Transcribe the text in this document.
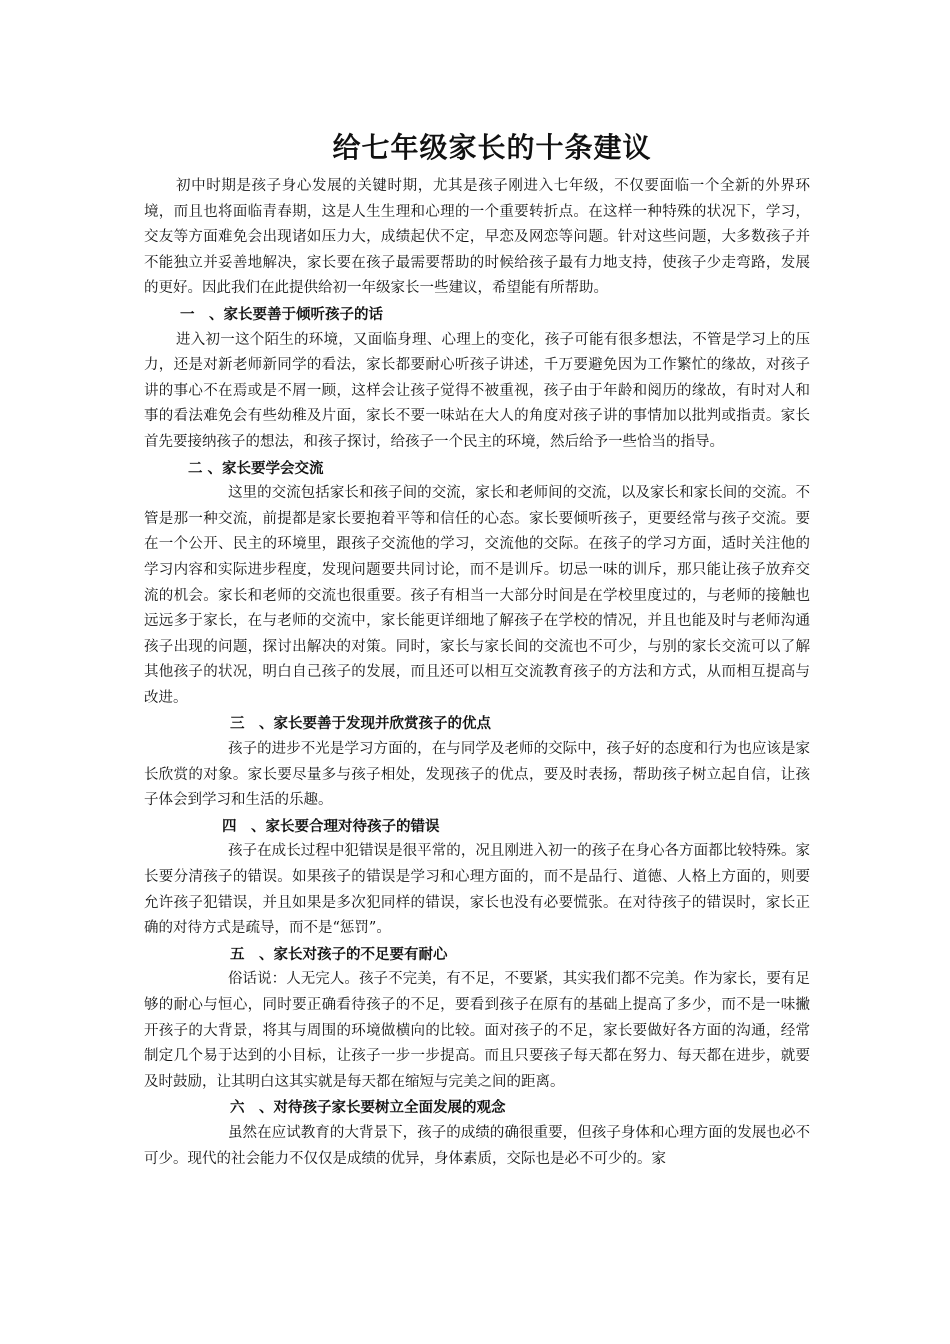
给七年级家长的十条建议

初中时期是孩子身心发展的关键时期，尤其是孩子刚进入七年级，不仅要面临一个全新的外界环境，而且也将面临青春期，这是人生生理和心理的一个重要转折点。在这样一种特殊的状况下，学习，交友等方面难免会出现诸如压力大，成绩起伏不定，早恋及网恋等问题。针对这些问题，大多数孩子并不能独立并妥善地解决，家长要在孩子最需要帮助的时候给孩子最有力地支持，使孩子少走弯路，发展的更好。因此我们在此提供给初一年级家长一些建议，希望能有所帮助。

一　、家长要善于倾听孩子的话

进入初一这个陌生的环境，又面临身理、心理上的变化，孩子可能有很多想法，不管是学习上的压力，还是对新老师新同学的看法，家长都要耐心听孩子讲述，千万要避免因为工作繁忙的缘故，对孩子讲的事心不在焉或是不屑一顾，这样会让孩子觉得不被重视，孩子由于年龄和阅历的缘故，有时对人和事的看法难免会有些幼稚及片面，家长不要一味站在大人的角度对孩子讲的事情加以批判或指责。家长首先要接纳孩子的想法，和孩子探讨，给孩子一个民主的环境，然后给予一些恰当的指导。

二 、家长要学会交流

这里的交流包括家长和孩子间的交流，家长和老师间的交流，以及家长和家长间的交流。不管是那一种交流，前提都是家长要抱着平等和信任的心态。家长要倾听孩子，更要经常与孩子交流。要在一个公开、民主的环境里，跟孩子交流他的学习，交流他的交际。在孩子的学习方面，适时关注他的学习内容和实际进步程度，发现问题要共同讨论，而不是训斥。切忌一味的训斥，那只能让孩子放弃交流的机会。家长和老师的交流也很重要。孩子有相当一大部分时间是在学校里度过的，与老师的接触也远远多于家长，在与老师的交流中，家长能更详细地了解孩子在学校的情况，并且也能及时与老师沟通孩子出现的问题，探讨出解决的对策。同时，家长与家长间的交流也不可少，与别的家长交流可以了解其他孩子的状况，明白自己孩子的发展，而且还可以相互交流教育孩子的方法和方式，从而相互提高与改进。

三　、家长要善于发现并欣赏孩子的优点

孩子的进步不光是学习方面的，在与同学及老师的交际中，孩子好的态度和行为也应该是家长欣赏的对象。家长要尽量多与孩子相处，发现孩子的优点，要及时表扬，帮助孩子树立起自信，让孩子体会到学习和生活的乐趣。

四　、家长要合理对待孩子的错误

孩子在成长过程中犯错误是很平常的，况且刚进入初一的孩子在身心各方面都比较特殊。家长要分清孩子的错误。如果孩子的错误是学习和心理方面的，而不是品行、道德、人格上方面的，则要允许孩子犯错误，并且如果是多次犯同样的错误，家长也没有必要慌张。在对待孩子的错误时，家长正确的对待方式是疏导，而不是“惩罚”。

五　、家长对孩子的不足要有耐心

俗话说：人无完人。孩子不完美，有不足，不要紧，其实我们都不完美。作为家长，要有足够的耐心与恒心，同时要正确看待孩子的不足，要看到孩子在原有的基础上提高了多少，而不是一味撇开孩子的大背景，将其与周围的环境做横向的比较。面对孩子的不足，家长要做好各方面的沟通，经常制定几个易于达到的小目标，让孩子一步一步提高。而且只要孩子每天都在努力、每天都在进步，就要及时鼓励，让其明白这其实就是每天都在缩短与完美之间的距离。

六　、对待孩子家长要树立全面发展的观念

虽然在应试教育的大背景下，孩子的成绩的确很重要，但孩子身体和心理方面的发展也必不可少。现代的社会能力不仅仅是成绩的优异，身体素质，交际也是必不可少的。家
